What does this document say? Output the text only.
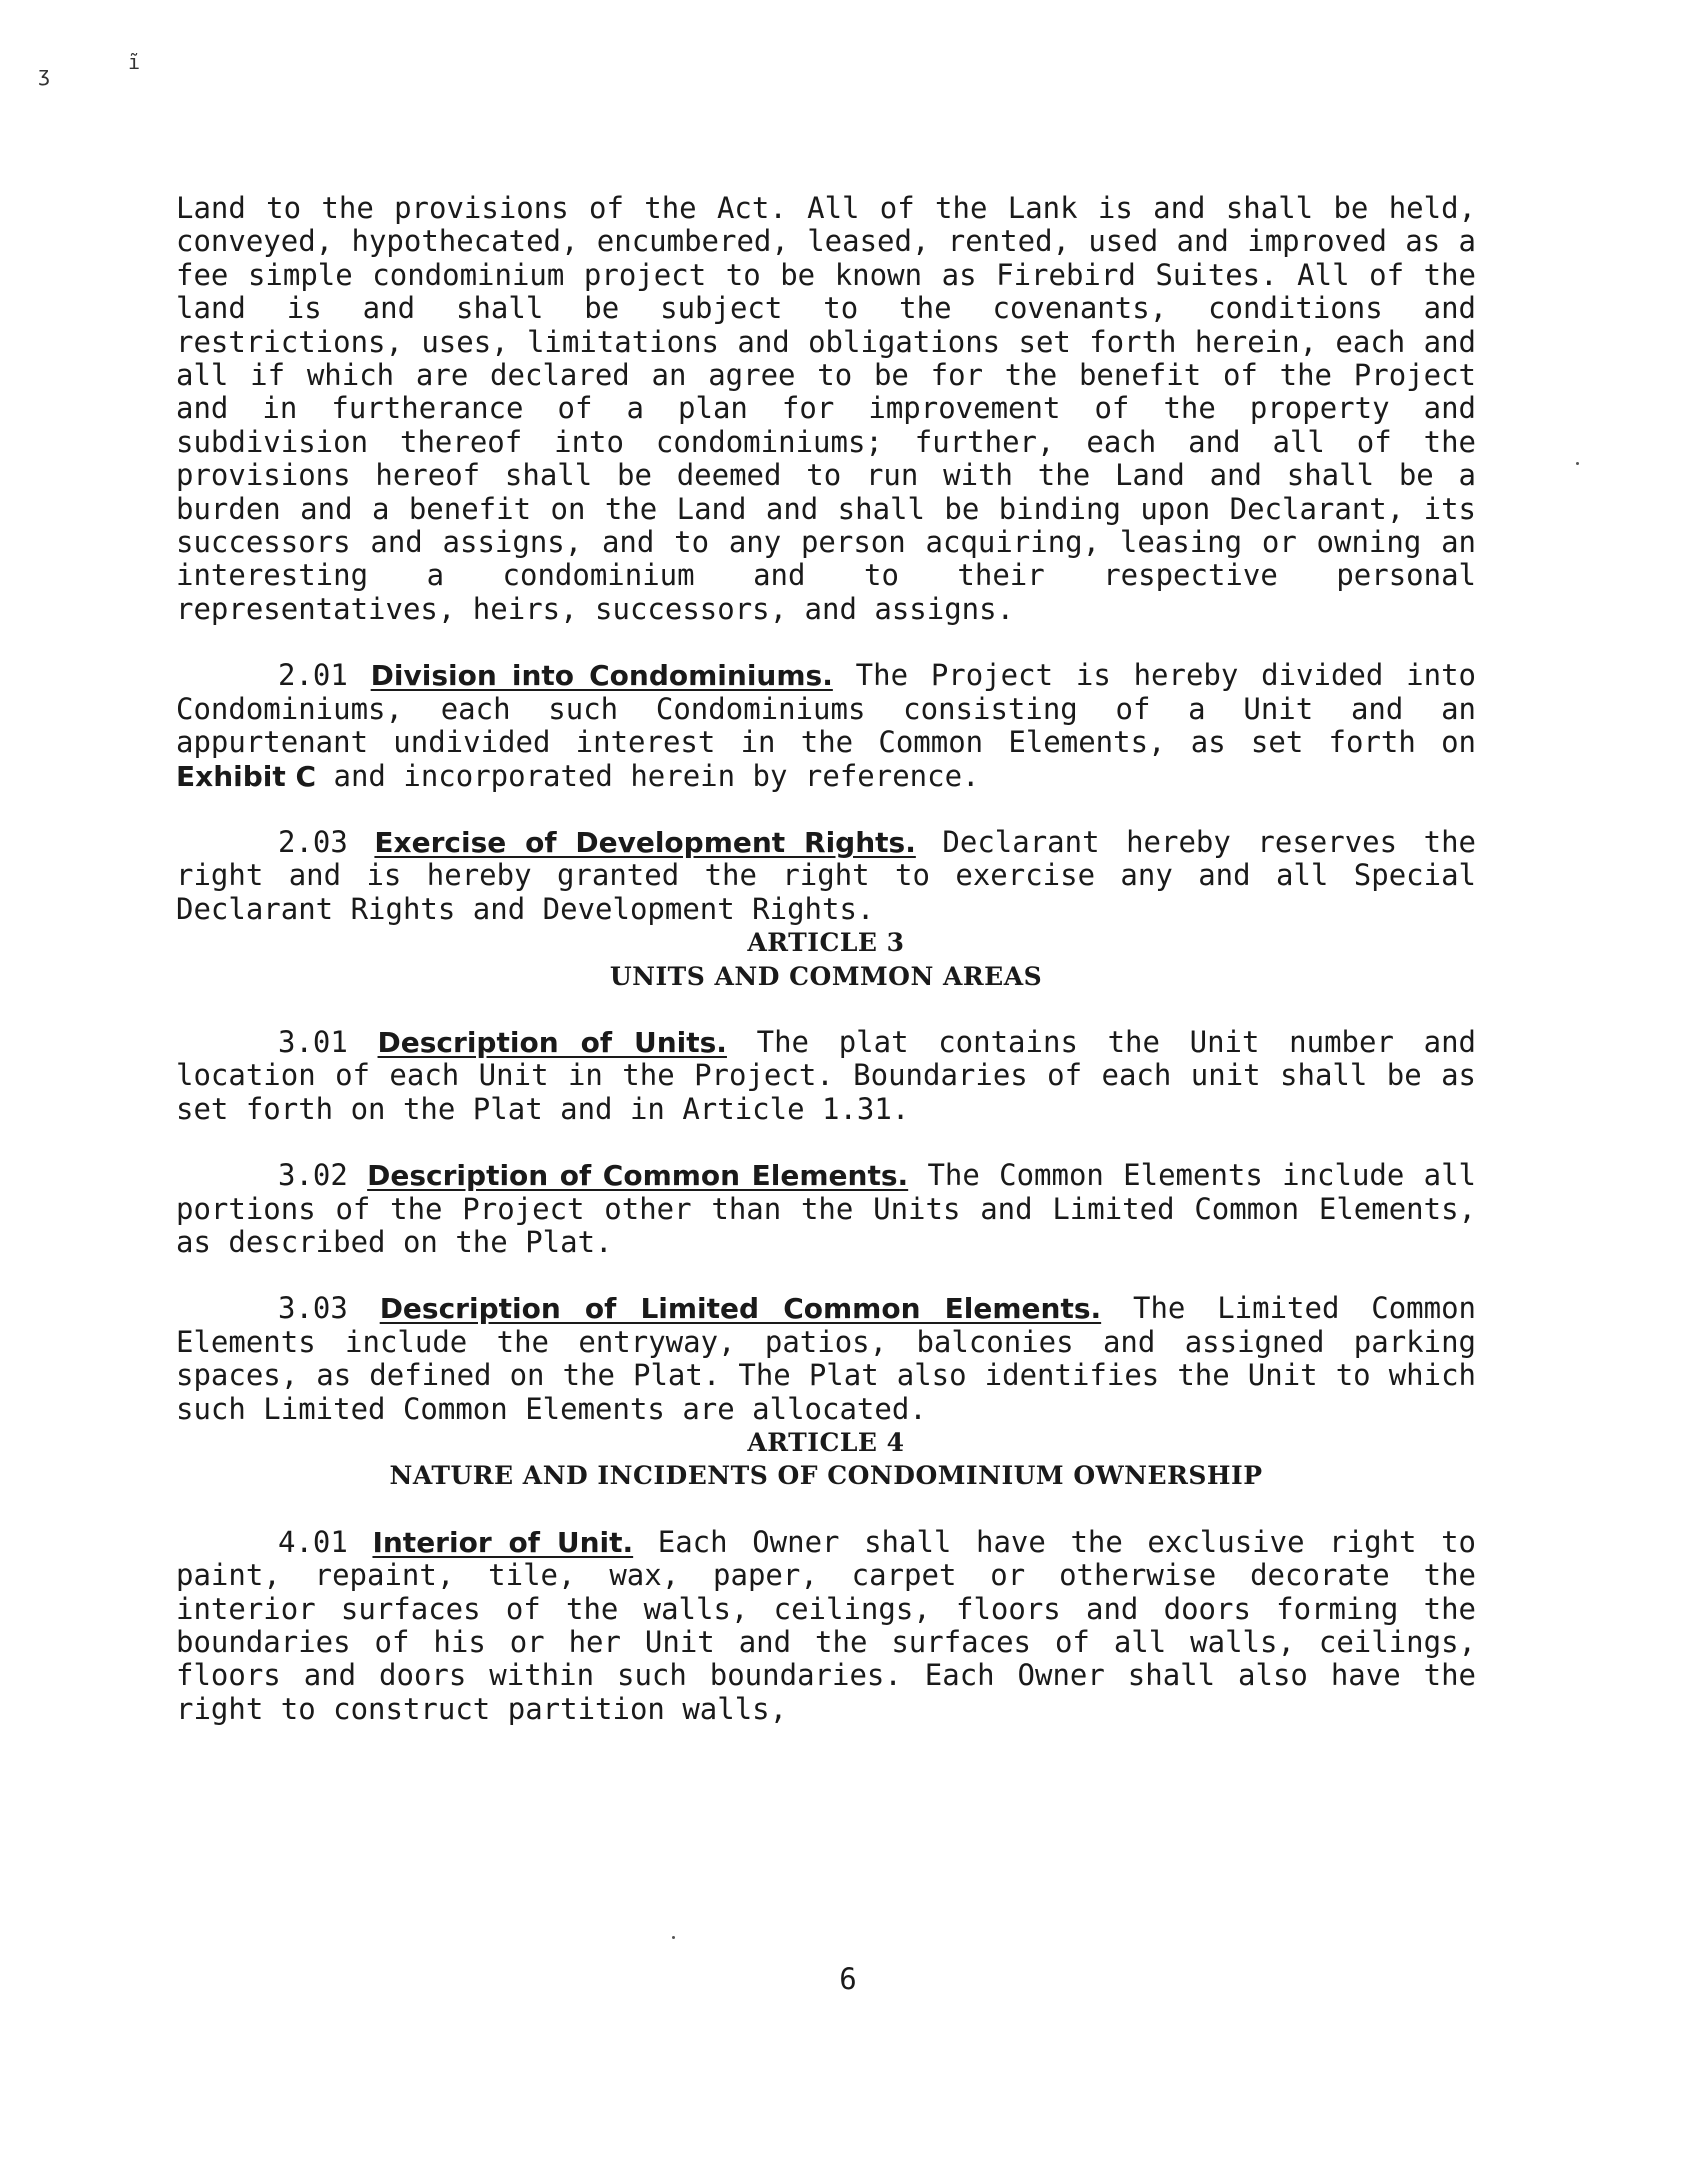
ʒ	ĩ

Land to the provisions of the Act. All of the Lank is and shall be held, conveyed, hypothecated, encumbered, leased, rented, used and improved as a fee simple condominium project to be known as Firebird Suites. All of the land is and shall be subject to the covenants, conditions and restrictions, uses, limitations and obligations set forth herein, each and all if which are declared an agree to be for the benefit of the Project and in furtherance of a plan for improvement of the property and subdivision thereof into condominiums; further, each and all of the provisions hereof shall be deemed to run with the Land and shall be a burden and a benefit on the Land and shall be binding upon Declarant, its successors and assigns, and to any person acquiring, leasing or owning an interesting a condominium and to their respective personal representatives, heirs, successors, and assigns.

2.01 Division into Condominiums. The Project is hereby divided into Condominiums, each such Condominiums consisting of a Unit and an appurtenant undivided interest in the Common Elements, as set forth on Exhibit C and incorporated herein by reference.

2.03 Exercise of Development Rights. Declarant hereby reserves the right and is hereby granted the right to exercise any and all Special Declarant Rights and Development Rights.

ARTICLE 3

UNITS AND COMMON AREAS

3.01 Description of Units. The plat contains the Unit number and location of each Unit in the Project. Boundaries of each unit shall be as set forth on the Plat and in Article 1.31.

3.02 Description of Common Elements. The Common Elements include all portions of the Project other than the Units and Limited Common Elements, as described on the Plat.

3.03 Description of Limited Common Elements. The Limited Common Elements include the entryway, patios, balconies and assigned parking spaces, as defined on the Plat. The Plat also identifies the Unit to which such Limited Common Elements are allocated.

ARTICLE 4

NATURE AND INCIDENTS OF CONDOMINIUM OWNERSHIP

4.01 Interior of Unit. Each Owner shall have the exclusive right to paint, repaint, tile, wax, paper, carpet or otherwise decorate the interior surfaces of the walls, ceilings, floors and doors forming the boundaries of his or her Unit and the surfaces of all walls, ceilings, floors and doors within such boundaries. Each Owner shall also have the right to construct partition walls,

6
